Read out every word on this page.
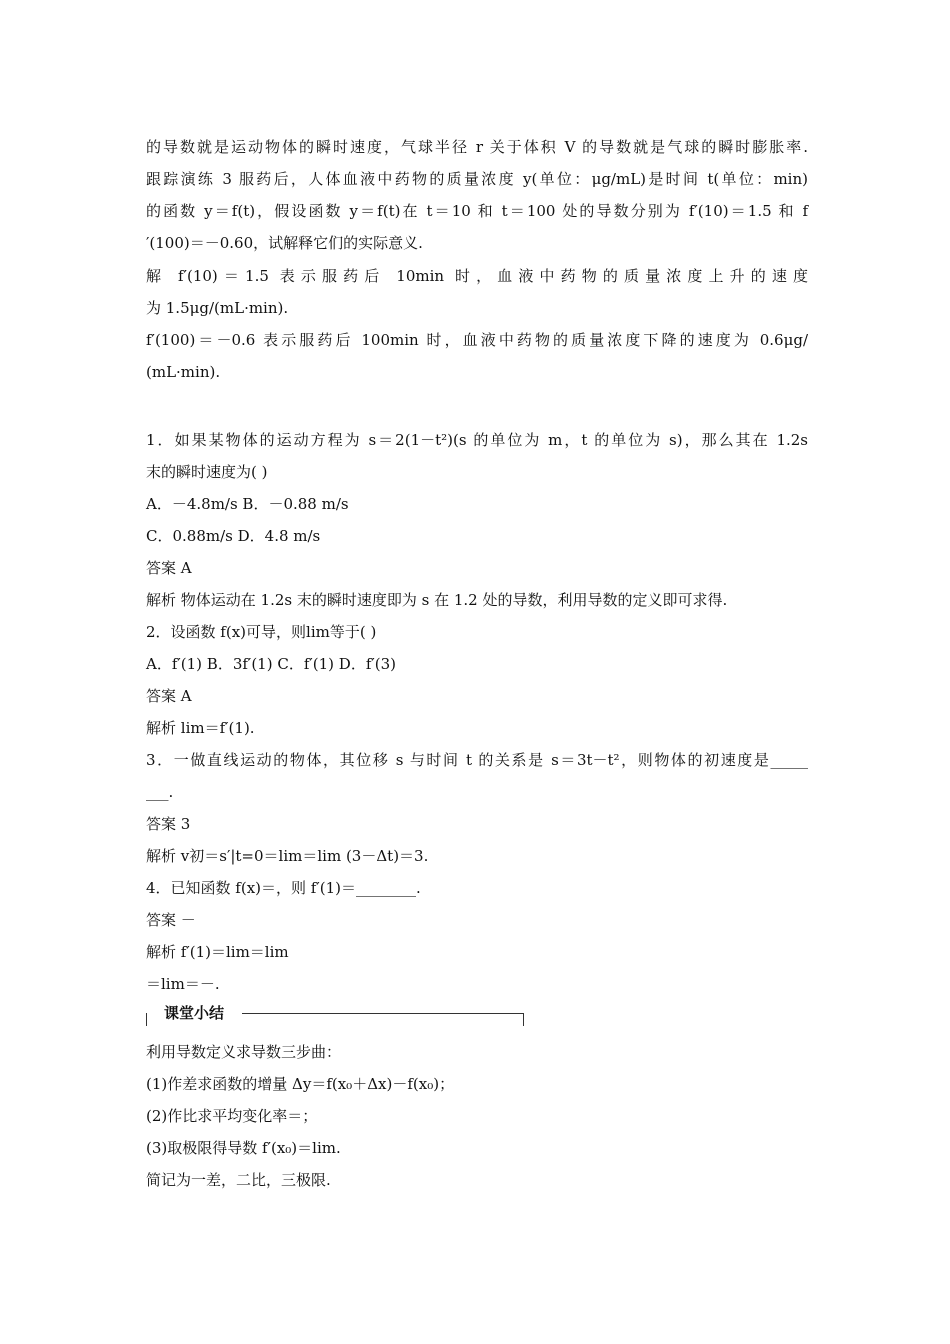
的导数就是运动物体的瞬时速度，气球半径 r 关于体积 V 的导数就是气球的瞬时膨胀率.
跟踪演练 3 服药后，人体血液中药物的质量浓度 y(单位：μg/mL)是时间 t(单位：min)
的函数 y＝f(t)，假设函数 y＝f(t)在 t＝10 和 t＝100 处的导数分别为 f′(10)＝1.5 和 f
′(100)＝－0.60，试解释它们的实际意义.
解 f′(10)＝1.5 表示服药后 10min 时，血液中药物的质量浓度上升的速度
为 1.5μg/(mL·min).
f′(100)＝－0.6 表示服药后 100min 时，血液中药物的质量浓度下降的速度为 0.6μg/
(mL·min).
1．如果某物体的运动方程为 s＝2(1－t²)(s 的单位为 m，t 的单位为 s)，那么其在 1.2s
末的瞬时速度为( )
A．－4.8m/s B．－0.88 m/s
C．0.88m/s D．4.8 m/s
答案 A
解析 物体运动在 1.2s 末的瞬时速度即为 s 在 1.2 处的导数，利用导数的定义即可求得.
2．设函数 f(x)可导，则lim等于( )
A．f′(1) B．3f′(1) C．f′(1) D．f′(3)
答案 A
解析 lim＝f′(1).
3．一做直线运动的物体，其位移 s 与时间 t 的关系是 s＝3t－t²，则物体的初速度是_____
___.
答案 3
解析 v初＝s′|t=0＝lim＝lim (3－Δt)＝3.
4．已知函数 f(x)＝，则 f′(1)＝________.
答案 －
解析 f′(1)＝lim＝lim
＝lim＝－.
课堂小结
利用导数定义求导数三步曲：
(1)作差求函数的增量 Δy＝f(x₀＋Δx)－f(x₀)；
(2)作比求平均变化率＝；
(3)取极限得导数 f′(x₀)＝lim.
简记为一差，二比，三极限.
